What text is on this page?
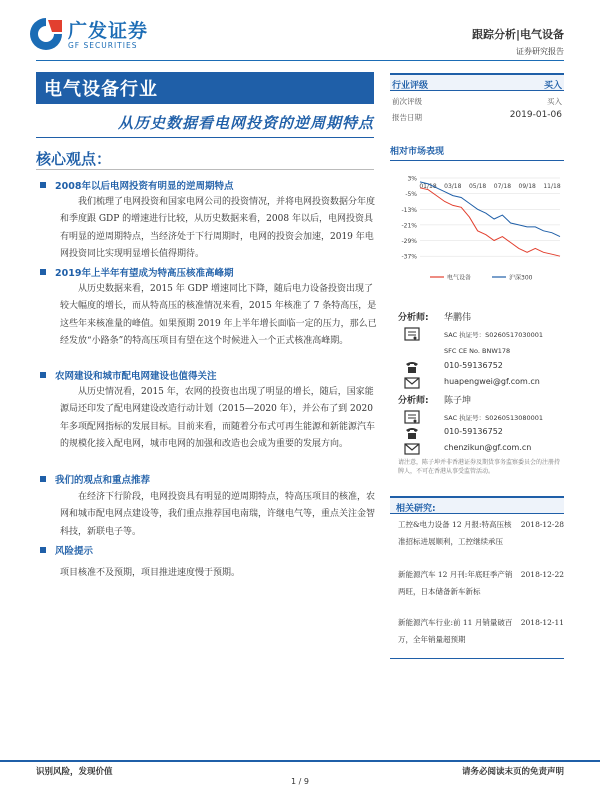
广发证券
GF SECURITIES
跟踪分析|电气设备
证券研究报告
电气设备行业
从历史数据看电网投资的逆周期特点
核心观点：
2008年以后电网投资有明显的逆周期特点
我们梳理了电网投资和国家电网公司的投资情况，并将电网投资数据分年度和季度跟 GDP 的增速进行比较，从历史数据来看，2008 年以后，电网投资具有明显的逆周期特点，当经济处于下行周期时，电网的投资会加速，2019 年电网投资同比实现明显增长值得期待。
2019年上半年有望成为特高压核准高峰期
从历史数据来看，2015 年 GDP 增速同比下降，随后电力设备投资出现了较大幅度的增长，而从特高压的核准情况来看，2015 年核准了 7 条特高压，是这些年来核准量的峰值。如果预期 2019 年上半年增长面临一定的压力，那么已经发放“小路条”的特高压项目有望在这个时候进入一个正式核准高峰期。
农网建设和城市配电网建设也值得关注
从历史情况看，2015 年，农网的投资也出现了明显的增长，随后，国家能源局还印发了配电网建设改造行动计划（2015—2020 年），并公布了到 2020 年多项配网指标的发展目标。目前来看，而随着分布式可再生能源和新能源汽车的规模化接入配电网，城市电网的加强和改造也会成为重要的发展方向。
我们的观点和重点推荐
在经济下行阶段，电网投资具有明显的逆周期特点，特高压项目的核准，农网和城市配电网点建设等，我们重点推荐国电南瑞，许继电气等，重点关注金智科技，新联电子等。
风险提示
项目核准不及预期，项目推进速度慢于预期。
行业评级	买入
前次评级	买入
报告日期	2019-01-06
相对市场表现
-37%
-29%
-21%
-13%
-5%
3%
01/18 03/18 05/18 07/18 09/18 11/18
电气设备	沪深300
分析师: 华鹏伟
SAC 执证号：S0260517030001
SFC CE No. BNW178
010-59136752
huapengwei@gf.com.cn
分析师: 陈子坤
SAC 执证号：S0260513080001
010-59136752
chenzikun@gf.com.cn
请注意，陈子坤并非香港证券及期货事务监察委员会的注册持牌人，不可在香港从事受监管活动。
相关研究:
工控&电力设备 12 月报:特高压核准招标进展顺利，工控继续承压
2018-12-28
新能源汽车 12 月刊:年底旺季产销两旺，日本储备新车新标
2018-12-22
新能源汽车行业:前 11 月销量破百万，全年销量超预期
2018-12-11
识别风险，发现价值	请务必阅读末页的免责声明
1 / 9
